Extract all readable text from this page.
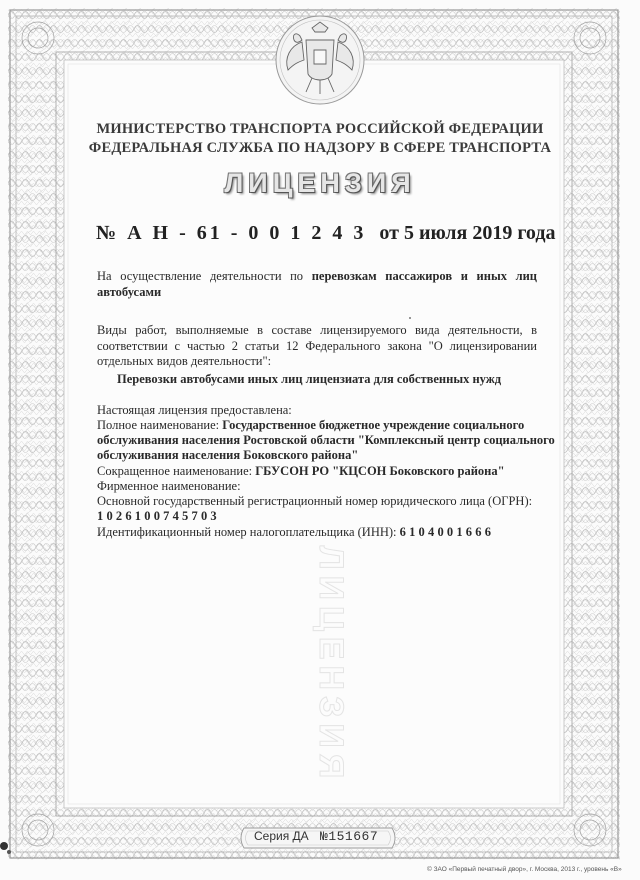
ЛИЦЕНЗИЯ
МИНИСТЕРСТВО ТРАНСПОРТА РОССИЙСКОЙ ФЕДЕРАЦИИ
ФЕДЕРАЛЬНАЯ СЛУЖБА ПО НАДЗОРУ В СФЕРЕ ТРАНСПОРТА
ЛИЦЕНЗИЯ
№ А Н - 61 - 0 0 1 2 4 3 от 5 июля 2019 года
На осуществление деятельности по перевозкам пассажиров и иных лиц автобусами
Виды работ, выполняемые в составе лицензируемого вида деятельности, в соответствии с частью 2 статьи 12 Федерального закона "О лицензировании отдельных видов деятельности":
Перевозки автобусами иных лиц лицензиата для собственных нужд
Настоящая лицензия предоставлена:
Полное наименование: Государственное бюджетное учреждение социального
обслуживания населения Ростовской области "Комплексный центр социального
обслуживания населения Боковского района"
Сокращенное наименование: ГБУСОН РО "КЦСОН Боковского района"
Фирменное наименование:
Основной государственный регистрационный номер юридического лица (ОГРН):
1026100745703
Идентификационный номер налогоплательщика (ИНН): 6104001666
Серия ДА №151667
© ЗАО «Первый печатный двор», г. Москва, 2013 г., уровень «В»
